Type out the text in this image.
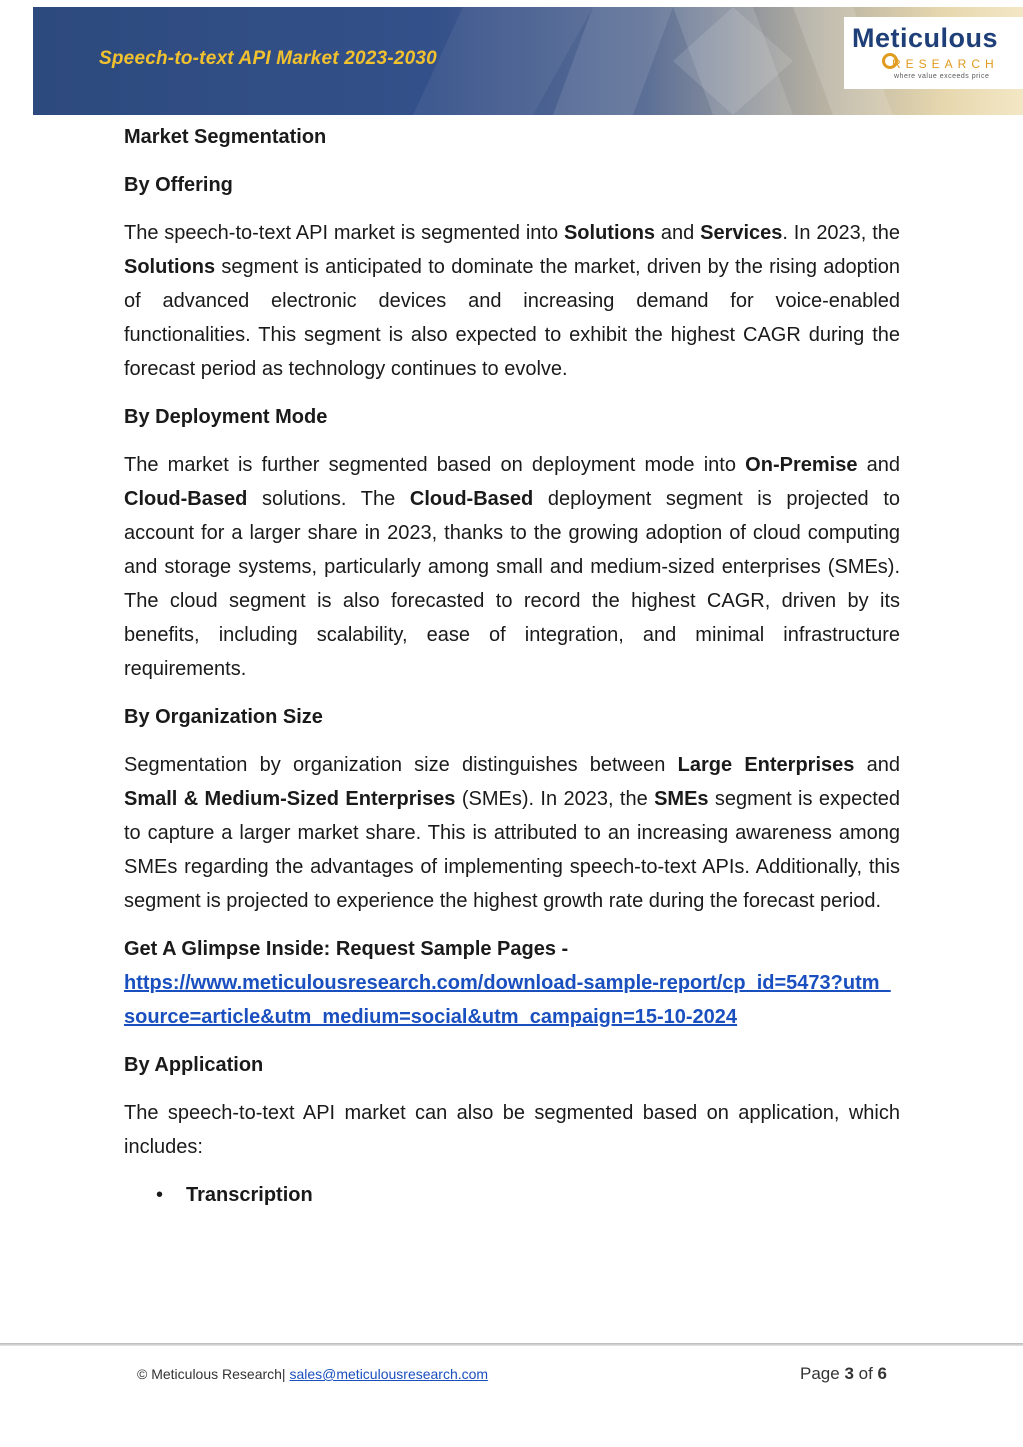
Speech-to-text API Market 2023-2030
Meticulous
RESEARCH
where value exceeds price

Market Segmentation

By Offering

The speech-to-text API market is segmented into Solutions and Services. In 2023, the Solutions segment is anticipated to dominate the market, driven by the rising adoption of advanced electronic devices and increasing demand for voice-enabled functionalities. This segment is also expected to exhibit the highest CAGR during the forecast period as technology continues to evolve.

By Deployment Mode

The market is further segmented based on deployment mode into On-Premise and Cloud-Based solutions. The Cloud-Based deployment segment is projected to account for a larger share in 2023, thanks to the growing adoption of cloud computing and storage systems, particularly among small and medium-sized enterprises (SMEs). The cloud segment is also forecasted to record the highest CAGR, driven by its benefits, including scalability, ease of integration, and minimal infrastructure requirements.

By Organization Size

Segmentation by organization size distinguishes between Large Enterprises and Small & Medium-Sized Enterprises (SMEs). In 2023, the SMEs segment is expected to capture a larger market share. This is attributed to an increasing awareness among SMEs regarding the advantages of implementing speech-to-text APIs. Additionally, this segment is projected to experience the highest growth rate during the forecast period.

Get A Glimpse Inside: Request Sample Pages -

https://www.meticulousresearch.com/download-sample-report/cp_id=5473?utm_source=article&utm_medium=social&utm_campaign=15-10-2024

By Application

The speech-to-text API market can also be segmented based on application, which includes:

•	Transcription
© Meticulous Research| sales@meticulousresearch.com	Page 3 of 6
